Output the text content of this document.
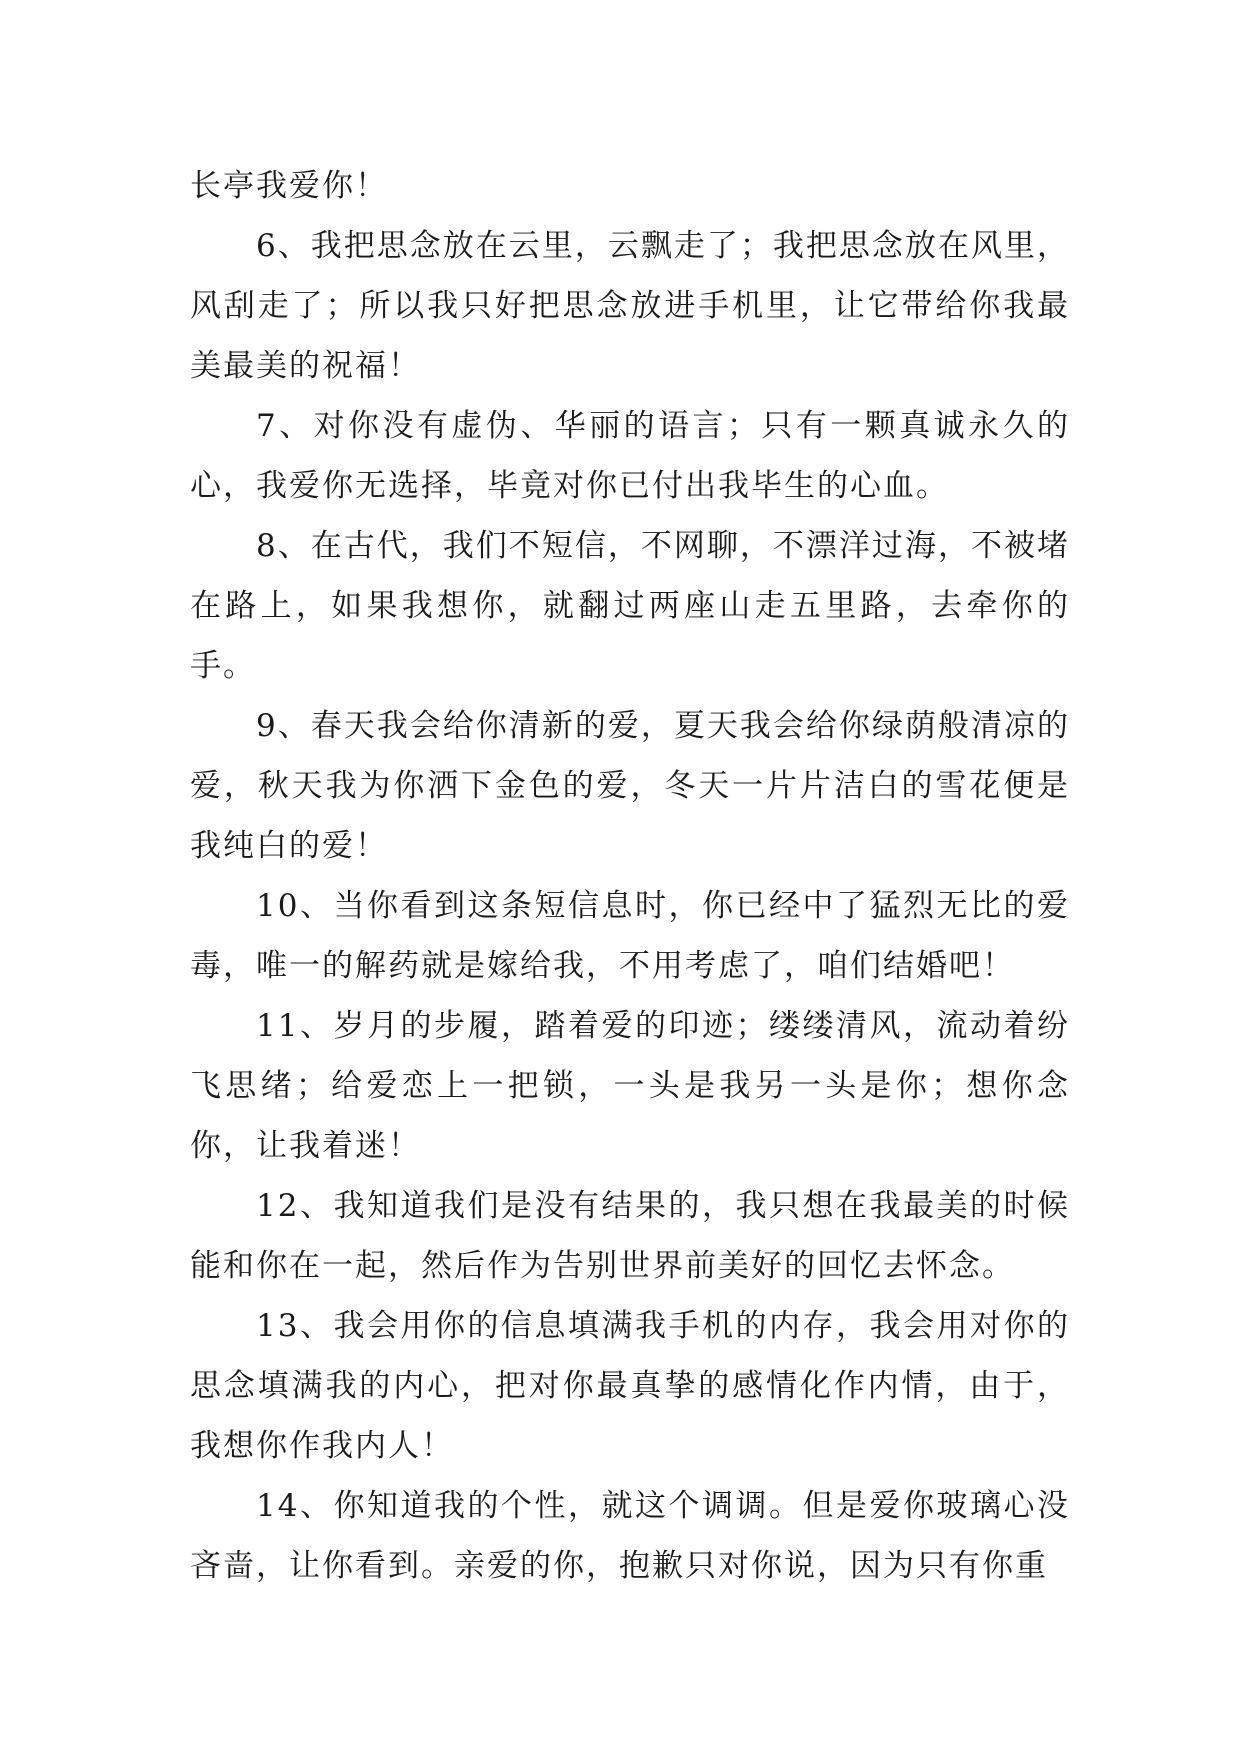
长亭我爱你！

6、我把思念放在云里，云飘走了；我把思念放在风里，风刮走了；所以我只好把思念放进手机里，让它带给你我最美最美的祝福！

7、对你没有虚伪、华丽的语言；只有一颗真诚永久的心，我爱你无选择，毕竟对你已付出我毕生的心血。

8、在古代，我们不短信，不网聊，不漂洋过海，不被堵在路上，如果我想你，就翻过两座山走五里路，去牵你的手。

9、春天我会给你清新的爱，夏天我会给你绿荫般清凉的爱，秋天我为你洒下金色的爱，冬天一片片洁白的雪花便是我纯白的爱！

10、当你看到这条短信息时，你已经中了猛烈无比的爱毒，唯一的解药就是嫁给我，不用考虑了，咱们结婚吧！

11、岁月的步履，踏着爱的印迹；缕缕清风，流动着纷飞思绪；给爱恋上一把锁，一头是我另一头是你；想你念你，让我着迷！

12、我知道我们是没有结果的，我只想在我最美的时候能和你在一起，然后作为告别世界前美好的回忆去怀念。

13、我会用你的信息填满我手机的内存，我会用对你的思念填满我的内心，把对你最真挚的感情化作内情，由于，我想你作我内人！

14、你知道我的个性，就这个调调。但是爱你玻璃心没吝啬，让你看到。亲爱的你，抱歉只对你说，因为只有你重
